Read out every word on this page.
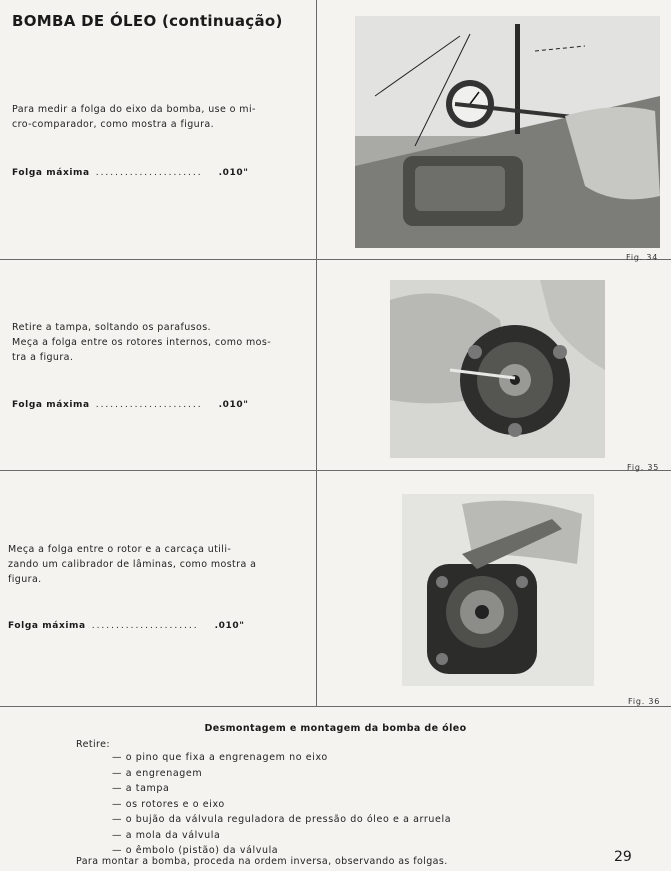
BOMBA DE ÓLEO (continuação)
Para medir a folga do eixo da bomba, use o mi-
cro-comparador, como mostra a figura.
Folga máxima ...................... .010"
Fig. 34
Retire a tampa, soltando os parafusos.
Meça a folga entre os rotores internos, como mos-
tra a figura.
Folga máxima ...................... .010"
Fig. 35
Meça a folga entre o rotor e a carcaça utili-
zando um calibrador de lâminas, como mostra a
figura.
Folga máxima ...................... .010"
Fig. 36
Desmontagem e montagem da bomba de óleo
Retire:
— o pino que fixa a engrenagem no eixo
— a engrenagem
— a tampa
— os rotores e o eixo
— o bujão da válvula reguladora de pressão do óleo e a arruela
— a mola da válvula
— o êmbolo (pistão) da válvula
Para montar a bomba, proceda na ordem inversa, observando as folgas.	29
